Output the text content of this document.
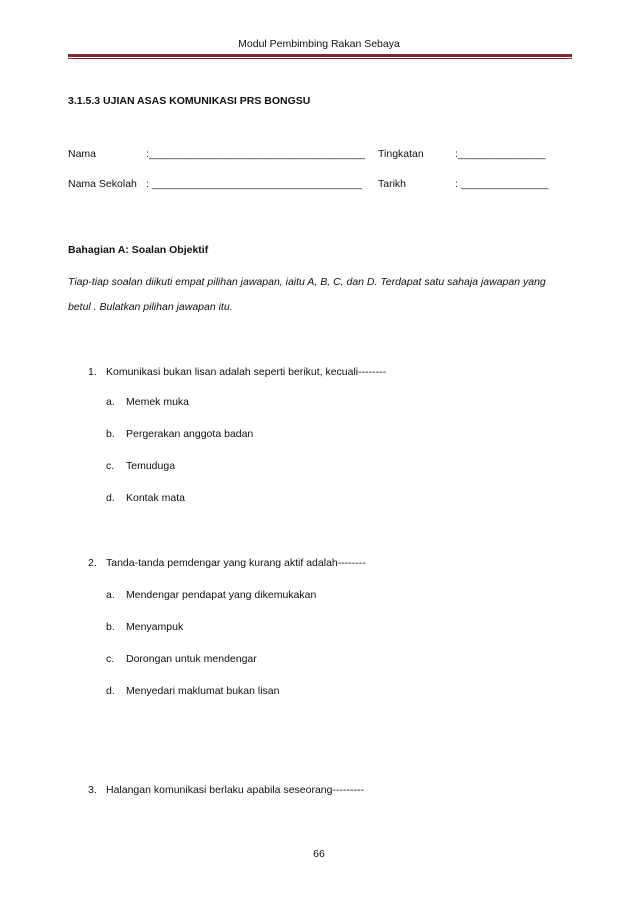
Modul Pembimbing Rakan Sebaya
3.1.5.3 UJIAN ASAS KOMUNIKASI PRS BONGSU
Nama	:_____________________________________ Tingkatan	:_______________
Nama Sekolah : ____________________________________ Tarikh	: _______________
Bahagian A: Soalan Objektif
Tiap-tiap soalan diikuti empat pilihan jawapan, iaitu A, B, C, dan D. Terdapat satu sahaja jawapan yang
betul . Bulatkan pilihan jawapan itu.
1. Komunikasi bukan lisan adalah seperti berikut, kecuali--------
a. Memek muka
b. Pergerakan anggota badan
c. Temuduga
d. Kontak mata
2. Tanda-tanda pemdengar yang kurang aktif adalah--------
a. Mendengar pendapat yang dikemukakan
b. Menyampuk
c. Dorongan untuk mendengar
d. Menyedari maklumat bukan lisan
3. Halangan komunikasi berlaku apabila seseorang---------
66
